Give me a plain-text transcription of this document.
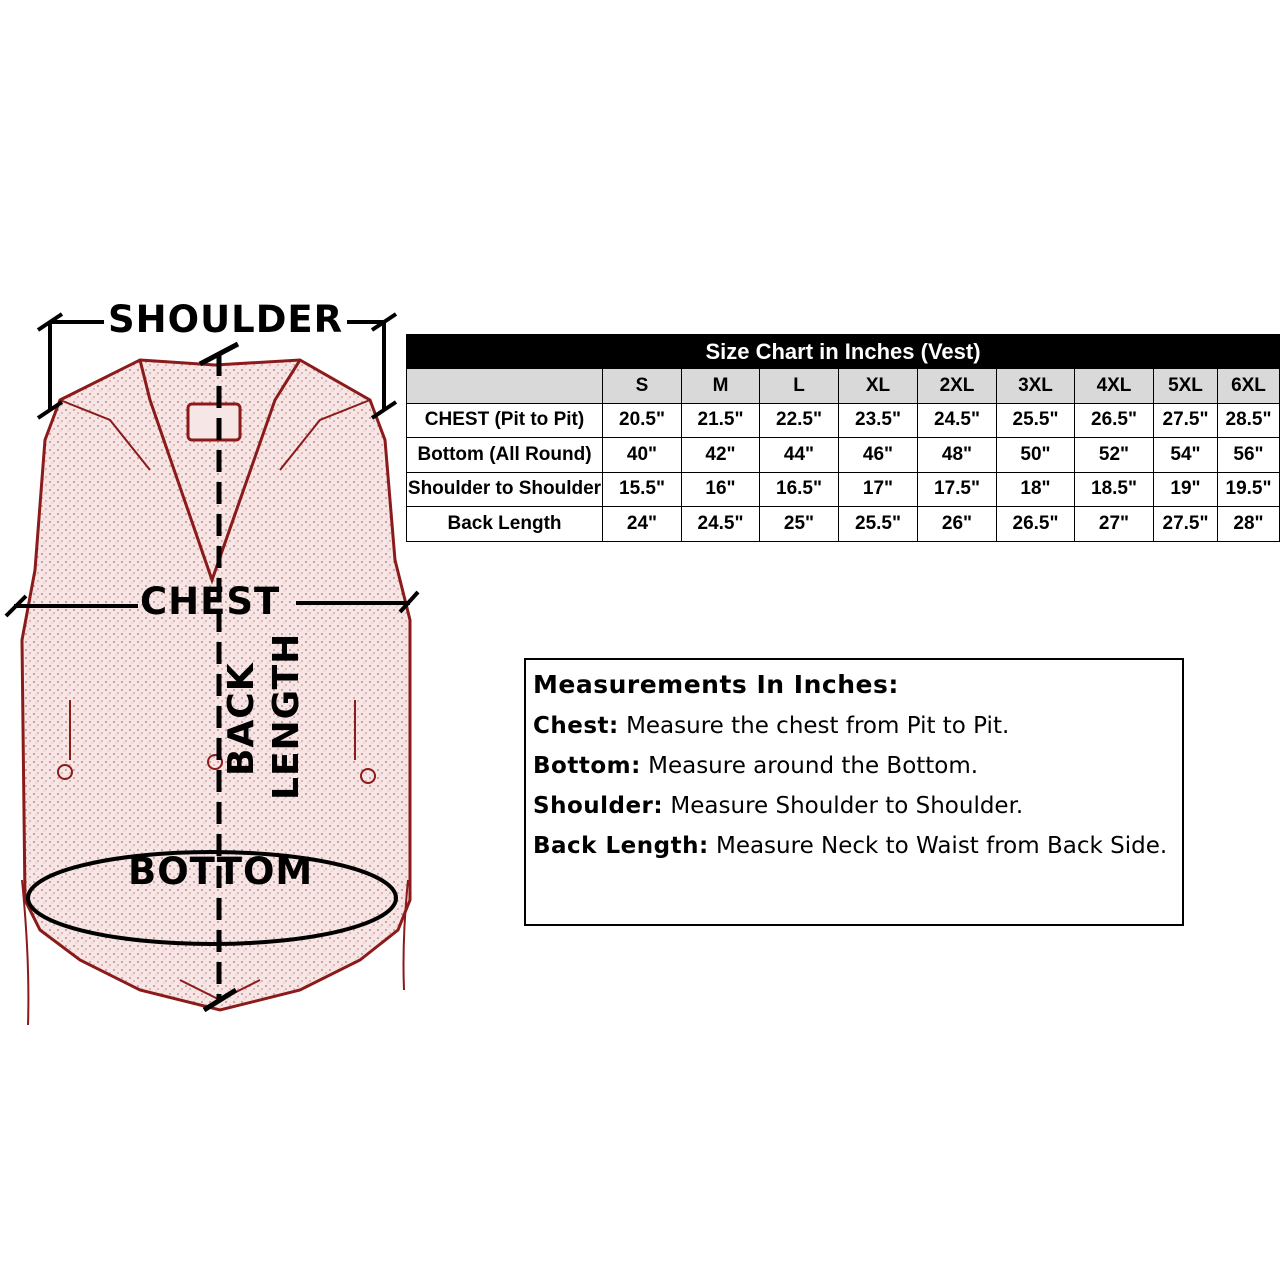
SHOULDER
CHEST
BACK LENGTH
BOTTOM
Size Chart in Inches (Vest)									
	S	M	L	XL	2XL	3XL	4XL	5XL	6XL
CHEST (Pit to Pit)	20.5"	21.5"	22.5"	23.5"	24.5"	25.5"	26.5"	27.5"	28.5"
Bottom (All Round)	40"	42"	44"	46"	48"	50"	52"	54"	56"
Shoulder to Shoulder	15.5"	16"	16.5"	17"	17.5"	18"	18.5"	19"	19.5"
Back Length	24"	24.5"	25"	25.5"	26"	26.5"	27"	27.5"	28"
Measurements In Inches:
Chest: Measure the chest from Pit to Pit.
Bottom: Measure around the Bottom.
Shoulder: Measure Shoulder to Shoulder.
Back Length: Measure Neck to Waist from Back Side.
